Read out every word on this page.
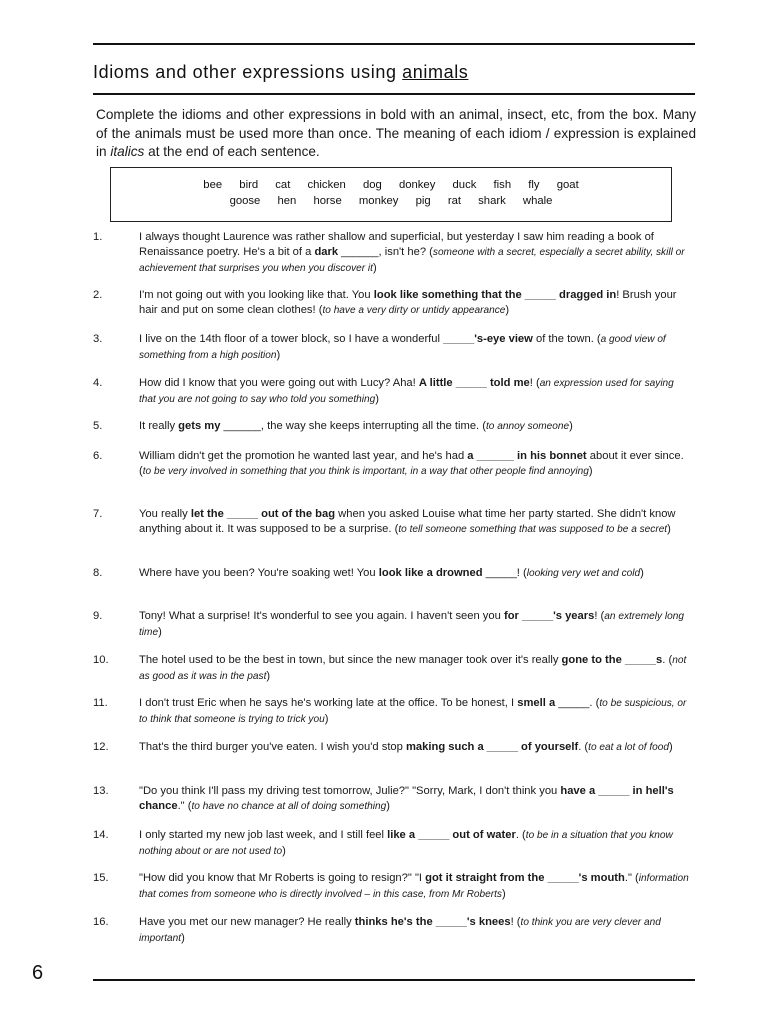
Idioms and other expressions using animals
Complete the idioms and other expressions in bold with an animal, insect, etc, from the box. Many of the animals must be used more than once. The meaning of each idiom / expression is explained in italics at the end of each sentence.
bee bird cat chicken dog donkey duck fish fly goat
goose hen horse monkey pig rat shark whale
1.	I always thought Laurence was rather shallow and superficial, but yesterday I saw him reading a book of Renaissance poetry. He's a bit of a dark ______, isn't he? (someone with a secret, especially a secret ability, skill or achievement that surprises you when you discover it)
2.	I'm not going out with you looking like that. You look like something that the _____ dragged in! Brush your hair and put on some clean clothes! (to have a very dirty or untidy appearance)
3.	I live on the 14th floor of a tower block, so I have a wonderful _____'s-eye view of the town. (a good view of something from a high position)
4.	How did I know that you were going out with Lucy? Aha! A little _____ told me! (an expression used for saying that you are not going to say who told you something)
5.	It really gets my ______, the way she keeps interrupting all the time. (to annoy someone)
6.	William didn't get the promotion he wanted last year, and he's had a ______ in his bonnet about it ever since. (to be very involved in something that you think is important, in a way that other people find annoying)
7.	You really let the _____ out of the bag when you asked Louise what time her party started. She didn't know anything about it. It was supposed to be a surprise. (to tell someone something that was supposed to be a secret)
8.	Where have you been? You're soaking wet! You look like a drowned _____! (looking very wet and cold)
9.	Tony! What a surprise! It's wonderful to see you again. I haven't seen you for _____'s years! (an extremely long time)
10.	The hotel used to be the best in town, but since the new manager took over it's really gone to the _____s. (not as good as it was in the past)
11.	I don't trust Eric when he says he's working late at the office. To be honest, I smell a _____. (to be suspicious, or to think that someone is trying to trick you)
12.	That's the third burger you've eaten. I wish you'd stop making such a _____ of yourself. (to eat a lot of food)
13.	"Do you think I'll pass my driving test tomorrow, Julie?" "Sorry, Mark, I don't think you have a _____ in hell's chance." (to have no chance at all of doing something)
14.	I only started my new job last week, and I still feel like a _____ out of water. (to be in a situation that you know nothing about or are not used to)
15.	"How did you know that Mr Roberts is going to resign?" "I got it straight from the _____'s mouth." (information that comes from someone who is directly involved – in this case, from Mr Roberts)
16.	Have you met our new manager? He really thinks he's the _____'s knees! (to think you are very clever and important)
6
